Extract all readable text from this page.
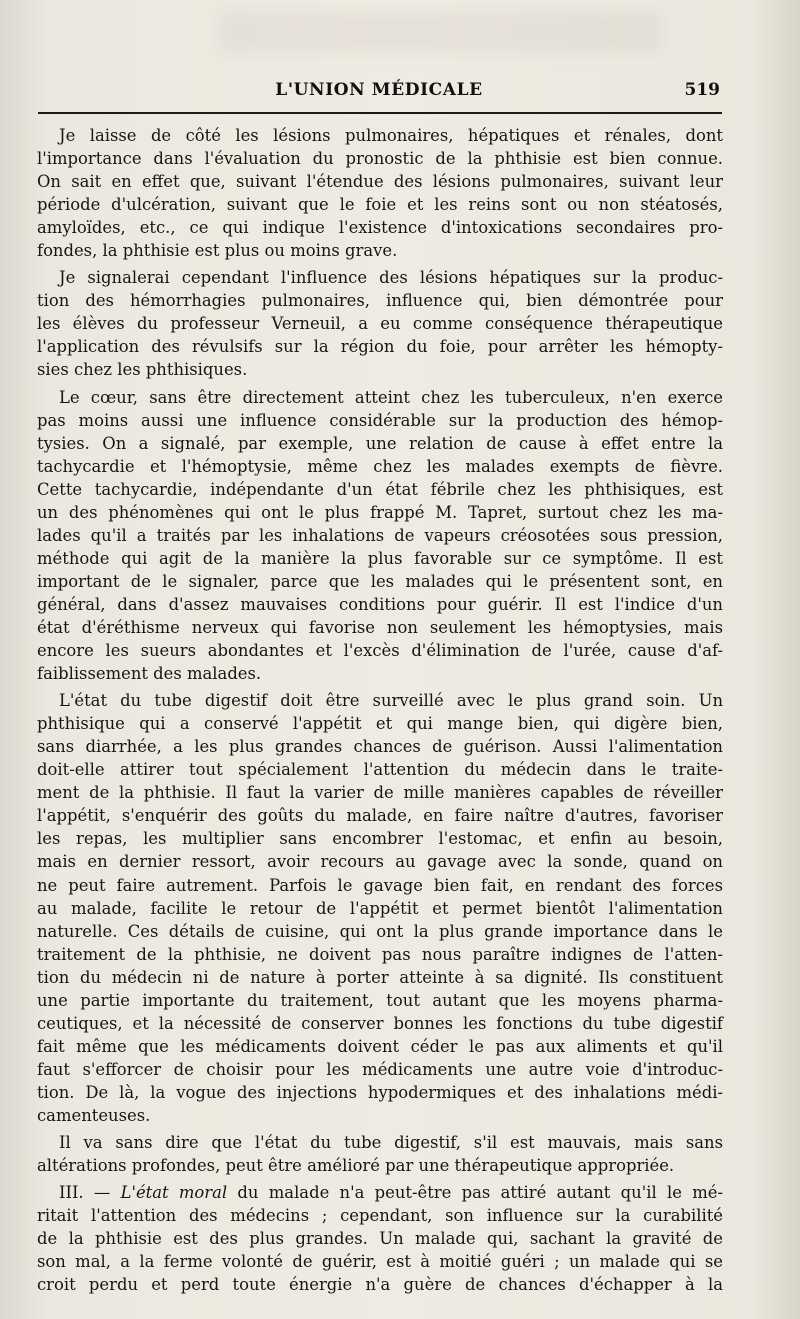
L'UNION MÉDICALE	519
Je laisse de côté les lésions pulmonaires, hépatiques et rénales, dont
l'importance dans l'évaluation du pronostic de la phthisie est bien connue.
On sait en effet que, suivant l'étendue des lésions pulmonaires, suivant leur
période d'ulcération, suivant que le foie et les reins sont ou non stéatosés,
amyloïdes, etc., ce qui indique l'existence d'intoxications secondaires pro-
fondes, la phthisie est plus ou moins grave.
Je signalerai cependant l'influence des lésions hépatiques sur la produc-
tion des hémorrhagies pulmonaires, influence qui, bien démontrée pour
les élèves du professeur Verneuil, a eu comme conséquence thérapeutique
l'application des révulsifs sur la région du foie, pour arrêter les hémopty-
sies chez les phthisiques.
Le cœur, sans être directement atteint chez les tuberculeux, n'en exerce
pas moins aussi une influence considérable sur la production des hémop-
tysies. On a signalé, par exemple, une relation de cause à effet entre la
tachycardie et l'hémoptysie, même chez les malades exempts de fièvre.
Cette tachycardie, indépendante d'un état fébrile chez les phthisiques, est
un des phénomènes qui ont le plus frappé M. Tapret, surtout chez les ma-
lades qu'il a traités par les inhalations de vapeurs créosotées sous pression,
méthode qui agit de la manière la plus favorable sur ce symptôme. Il est
important de le signaler, parce que les malades qui le présentent sont, en
général, dans d'assez mauvaises conditions pour guérir. Il est l'indice d'un
état d'éréthisme nerveux qui favorise non seulement les hémoptysies, mais
encore les sueurs abondantes et l'excès d'élimination de l'urée, cause d'af-
faiblissement des malades.
L'état du tube digestif doit être surveillé avec le plus grand soin. Un
phthisique qui a conservé l'appétit et qui mange bien, qui digère bien,
sans diarrhée, a les plus grandes chances de guérison. Aussi l'alimentation
doit-elle attirer tout spécialement l'attention du médecin dans le traite-
ment de la phthisie. Il faut la varier de mille manières capables de réveiller
l'appétit, s'enquérir des goûts du malade, en faire naître d'autres, favoriser
les repas, les multiplier sans encombrer l'estomac, et enfin au besoin,
mais en dernier ressort, avoir recours au gavage avec la sonde, quand on
ne peut faire autrement. Parfois le gavage bien fait, en rendant des forces
au malade, facilite le retour de l'appétit et permet bientôt l'alimentation
naturelle. Ces détails de cuisine, qui ont la plus grande importance dans le
traitement de la phthisie, ne doivent pas nous paraître indignes de l'atten-
tion du médecin ni de nature à porter atteinte à sa dignité. Ils constituent
une partie importante du traitement, tout autant que les moyens pharma-
ceutiques, et la nécessité de conserver bonnes les fonctions du tube digestif
fait même que les médicaments doivent céder le pas aux aliments et qu'il
faut s'efforcer de choisir pour les médicaments une autre voie d'introduc-
tion. De là, la vogue des injections hypodermiques et des inhalations médi-
camenteuses.
Il va sans dire que l'état du tube digestif, s'il est mauvais, mais sans
altérations profondes, peut être amélioré par une thérapeutique appropriée.
III. — L'état moral du malade n'a peut-être pas attiré autant qu'il le mé-
ritait l'attention des médecins ; cependant, son influence sur la curabilité
de la phthisie est des plus grandes. Un malade qui, sachant la gravité de
son mal, a la ferme volonté de guérir, est à moitié guéri ; un malade qui se
croit perdu et perd toute énergie n'a guère de chances d'échapper à la
